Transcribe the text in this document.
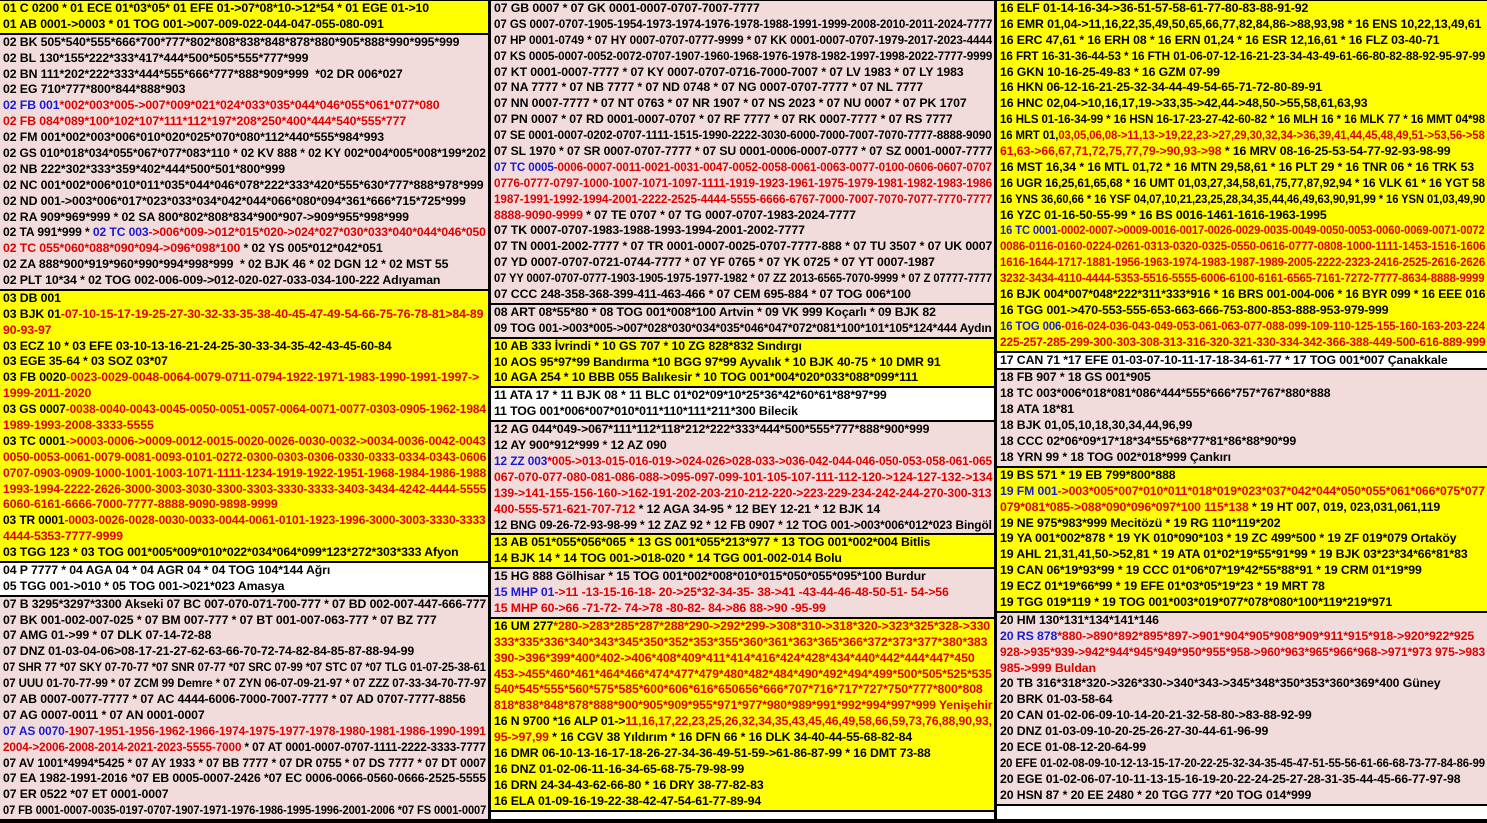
01 C 0200 * 01 ECE 01*03*05* 01 EFE 01->07*08*10->12*54 * 01 EGE 01->10
01 AB 0001->0003 * 01 TOG 001->007-009-022-044-047-055-080-091
02 BK 505*540*555*666*700*777*802*808*838*848*878*880*905*888*990*995*999
02 BL 130*155*222*333*417*444*500*505*555*777*999
02 BN 111*202*222*333*444*555*666*777*888*909*999  *02 DR 006*027
02 EG 710*777*800*844*888*903
02 FB 001*002*003*005->007*009*021*024*033*035*044*046*055*061*077*080
02 FB 084*089*100*102*107*111*112*197*208*250*400*444*540*555*777
02 FM 001*002*003*006*010*020*025*070*080*112*440*555*984*993
02 GS 010*018*034*055*067*077*083*110 * 02 KV 888 * 02 KY 002*004*005*008*199*202
02 NB 222*302*333*359*402*444*500*501*800*999
02 NC 001*002*006*010*011*035*044*046*078*222*333*420*555*630*777*888*978*999
02 ND 001->003*006*017*023*033*034*042*044*066*080*094*361*666*715*725*999
02 RA 909*969*999 * 02 SA 800*802*808*834*900*907->909*955*998*999
02 TA 991*999 * 02 TC 003->006*009->012*015*020->024*027*030*033*040*044*046*050
02 TC 055*060*088*090*094->096*098*100 * 02 YS 005*012*042*051
02 ZA 888*900*919*960*990*994*998*999  * 02 BJK 46 * 02 DGN 12 * 02 MST 55
02 PLT 10*34 * 02 TOG 002-006-009->012-020-027-033-034-100-222 Adıyaman
03 DB 001
03 BJK 01-07-10-15-17-19-25-27-30-32-33-35-38-40-45-47-49-54-66-75-76-78-81>84-89
90-93-97
03 ECZ 10 * 03 EFE 03-10-13-16-21-24-25-30-33-34-35-42-43-45-60-84
03 EGE 35-64 * 03 SOZ 03*07
03 FB 0020-0023-0029-0048-0064-0079-0711-0794-1922-1971-1983-1990-1991-1997->
1999-2011-2020
03 GS 0007-0038-0040-0043-0045-0050-0051-0057-0064-0071-0077-0303-0905-1962-1984
1989-1993-2008-3333-5555
03 TC 0001->0003-0006->0009-0012-0015-0020-0026-0030-0032->0034-0036-0042-0043
0050-0053-0061-0079-0081-0093-0101-0272-0300-0303-0306-0330-0333-0334-0343-0606
0707-0903-0909-1000-1001-1003-1071-1111-1234-1919-1922-1951-1968-1984-1986-1988
1993-1994-2222-2626-3000-3003-3030-3300-3303-3330-3333-3403-3434-4242-4444-5555
6060-6161-6666-7000-7777-8888-9090-9898-9999
03 TR 0001-0003-0026-0028-0030-0033-0044-0061-0101-1923-1996-3000-3003-3330-3333
4444-5353-7777-9999
03 TGG 123 * 03 TOG 001*005*009*010*022*034*064*099*123*272*303*333 Afyon
04 P 7777 * 04 AGA 04 * 04 AGR 04 * 04 TOG 104*144 Ağrı
05 TGG 001->010 * 05 TOG 001->021*023 Amasya
07 B 3295*3297*3300 Akseki 07 BC 007-070-071-700-777 * 07 BD 002-007-447-666-777
07 BK 001-002-007-025 * 07 BM 007-777 * 07 BT 001-007-063-777 * 07 BZ 777
07 AMG 01->99 * 07 DLK 07-14-72-88
07 DNZ 01-03-04-06>08-17-21-27-62-63-66-70-72-74-82-84-85-87-88-94-99
07 SHR 77 *07 SKY 07-70-77 *07 SNR 07-77 *07 SRC 07-99 *07 STC 07 *07 TLG 01-07-25-38-61
07 UUU 01-70-77-99 * 07 ZCM 99 Demre * 07 ZYN 06-07-09-21-97 * 07 ZZZ 07-33-34-70-77-97
07 AB 0007-0077-7777 * 07 AC 4444-6006-7000-7007-7777 * 07 AD 0707-7777-8856
07 AG 0007-0011 * 07 AN 0001-0007
07 AS 0070-1907-1951-1956-1962-1966-1974-1975-1977-1978-1980-1981-1986-1990-1991
2004->2006-2008-2014-2021-2023-5555-7000 * 07 AT 0001-0007-0707-1111-2222-3333-7777
07 AV 1001*4994*5425 * 07 AY 1933 * 07 BB 7777 * 07 DR 0755 * 07 DS 7777 * 07 DT 0007
07 EA 1982-1991-2016 *07 EB 0005-0007-2426 *07 EC 0006-0066-0560-0666-2525-5555
07 ER 0522 *07 ET 0001-0007
07 FB 0001-0007-0035-0197-0707-1907-1971-1976-1986-1995-1996-2001-2006 *07 FS 0001-0007
07 GB 0007 * 07 GK 0001-0007-0707-7007-7777
07 GS 0007-0707-1905-1954-1973-1974-1976-1978-1988-1991-1999-2008-2010-2011-2024-7777
07 HP 0001-0749 * 07 HY 0007-0707-0777-9999 * 07 KK 0001-0007-0707-1979-2017-2023-4444
07 KS 0005-0007-0052-0072-0707-1907-1960-1968-1976-1978-1982-1997-1998-2022-7777-9999
07 KT 0001-0007-7777 * 07 KY 0007-0707-0716-7000-7007 * 07 LV 1983 * 07 LY 1983
07 NA 7777 * 07 NB 7777 * 07 ND 0748 * 07 NG 0007-0707-7777 * 07 NL 7777
07 NN 0007-7777 * 07 NT 0763 * 07 NR 1907 * 07 NS 2023 * 07 NU 0007 * 07 PK 1707
07 PN 0007 * 07 RD 0001-0007-0707 * 07 RF 7777 * 07 RK 0007-7777 * 07 RS 7777
07 SE 0001-0007-0202-0707-1111-1515-1990-2222-3030-6000-7000-7007-7070-7777-8888-9090
07 SL 1970 * 07 SR 0007-0707-7777 * 07 SU 0001-0006-0007-0777 * 07 SZ 0001-0007-7777
07 TC 0005-0006-0007-0011-0021-0031-0047-0052-0058-0061-0063-0077-0100-0606-0607-0707
0776-0777-0797-1000-1007-1071-1097-1111-1919-1923-1961-1975-1979-1981-1982-1983-1986
1987-1991-1992-1994-2001-2222-2525-4444-5555-6666-6767-7000-7007-7070-7077-7770-7777
8888-9090-9999 * 07 TE 0707 * 07 TG 0007-0707-1983-2024-7777
07 TK 0007-0707-1983-1988-1993-1994-2001-2002-7777
07 TN 0001-2002-7777 * 07 TR 0001-0007-0025-0707-7777-888 * 07 TU 3507 * 07 UK 0007
07 YD 0007-0707-0721-0744-7777 * 07 YF 0765 * 07 YK 0725 * 07 YT 0007-1987
07 YY 0007-0707-0777-1903-1905-1975-1977-1982 * 07 ZZ 2013-6565-7070-9999 * 07 Z 07777-7777
07 CCC 248-358-368-399-411-463-466 * 07 CEM 695-884 * 07 TOG 006*100
08 ART 08*55*80 * 08 TOG 001*008*100 Artvin * 09 VK 999 Koçarlı * 09 BJK 82
09 TOG 001->003*005->007*028*030*034*035*046*047*072*081*100*101*105*124*444 Aydın
10 AB 333 İvrindi * 10 GS 707 * 10 ZG 828*832 Sındırgı
10 AOS 95*97*99 Bandırma *10 BGG 97*99 Ayvalık * 10 BJK 40-75 * 10 DMR 91
10 AGA 254 * 10 BBB 055 Balıkesir * 10 TOG 001*004*020*033*088*099*111
11 ATA 17 * 11 BJK 08 * 11 BLC 01*02*09*10*25*36*42*60*61*88*97*99
11 TOG 001*006*007*010*011*110*111*211*300 Bilecik
12 AG 044*049->067*111*112*118*212*222*333*444*500*555*777*888*900*999
12 AY 900*912*999 * 12 AZ 090
12 ZZ 003*005->013-015-016-019->024-026>028-033->036-042-044-046-050-053-058-061-065
067-070-077-080-081-086-088->095-097-099-101-105-107-111-112-120->124-127-132->134
139->141-155-156-160->162-191-202-203-210-212-220->223-229-234-242-244-270-300-313
400-555-571-621-707-712 * 12 AGA 34-95 * 12 BEY 12-21 * 12 BJK 14
12 BNG 09-26-72-93-98-99 * 12 ZAZ 92 * 12 FB 0907 * 12 TOG 001->003*006*012*023 Bingöl
13 AB 051*055*056*065 * 13 GS 001*055*213*977 * 13 TOG 001*002*004 Bitlis
14 BJK 14 * 14 TOG 001->018-020 * 14 TGG 001-002-014 Bolu
15 HG 888 Gölhisar * 15 TOG 001*002*008*010*015*050*055*095*100 Burdur
15 MHP 01->11 -13-15-16-18- 20->25*32-34-35- 38->41 -43-44-46-48-50-51- 54->56
15 MHP 60->66 -71-72- 74->78 -80-82- 84->86 88->90 -95-99
16 UM 277*280->283*285*287*288*290->292*299->308*310->318*320->323*325*328->330
333*335*336*340*343*345*350*352*353*355*360*361*363*365*366*372*373*377*380*383
390->396*399*400*402->406*408*409*411*414*416*424*428*434*440*442*444*447*450
453->455*460*461*464*466*474*477*479*480*482*484*490*492*494*499*500*505*525*535
540*545*555*560*575*585*600*606*616*650656*666*707*716*717*727*750*777*800*808
818*838*848*878*888*900*905*909*955*971*977*980*989*991*992*994*997*999 Yenişehir
16 N 9700 *16 ALP 01->11,16,17,22,23,25,26,32,34,35,43,45,46,49,58,66,59,73,76,88,90,93,
95->97,99 * 16 CGV 38 Yıldırım * 16 DFN 66 * 16 DLK 34-40-44-55-68-82-84
16 DMR 06-10-13-16-17-18-26-27-34-36-49-51-59->61-86-87-99 * 16 DMT 73-88
16 DNZ 01-02-06-11-16-34-65-68-75-79-98-99
16 DRN 24-34-43-62-66-80 * 16 DRY 38-77-82-83
16 ELA 01-09-16-19-22-38-42-47-54-61-77-89-94
16 ELF 01-14-16-34->36-51-57-58-61-77-80-83-88-91-92
16 EMR 01,04->11,16,22,35,49,50,65,66,77,82,84,86->88,93,98 * 16 ENS 10,22,13,49,61
16 ERC 47,61 * 16 ERH 08 * 16 ERN 01,24 * 16 ESR 12,16,61 * 16 FLZ 03-40-71
16 FRT 16-31-36-44-53 * 16 FTH 01-06-07-12-16-21-23-34-43-49-61-66-80-82-88-92-95-97-99
16 GKN 10-16-25-49-83 * 16 GZM 07-99
16 HKN 06-12-16-21-25-32-34-44-49-54-65-71-72-80-89-91
16 HNC 02,04->10,16,17,19->33,35->42,44->48,50->55,58,61,63,93
16 HLS 01-16-34-99 * 16 HSN 16-17-23-27-42-60-82 * 16 MLH 16 * 16 MLK 77 * 16 MMT 04*98
16 MRT 01,03,05,06,08->11,13->19,22,23->27,29,30,32,34->36,39,41,44,45,48,49,51->53,56->58
61,63->66,67,71,72,75,77,79->90,93->98 * 16 MRV 08-16-25-53-54-77-92-93-98-99
16 MST 16,34 * 16 MTL 01,72 * 16 MTN 29,58,61 * 16 PLT 29 * 16 TNR 06 * 16 TRK 53
16 UGR 16,25,61,65,68 * 16 UMT 01,03,27,34,58,61,75,77,87,92,94 * 16 VLK 61 * 16 YGT 58
16 YNS 36,60,66 * 16 YSF 04,07,10,21,23,25,28,34,35,44,46,49,63,90,91,99 * 16 YSN 01,03,49,90
16 YZC 01-16-50-55-99 * 16 BS 0016-1461-1616-1963-1995
16 TC 0001-0002-0007->0009-0016-0017-0026-0029-0035-0049-0050-0053-0060-0069-0071-0072
0086-0116-0160-0224-0261-0313-0320-0325-0550-0616-0777-0808-1000-1111-1453-1516-1606
1616-1644-1717-1881-1956-1963-1974-1983-1987-1989-2005-2222-2323-2416-2525-2616-2626
3232-3434-4110-4444-5353-5516-5555-6006-6100-6161-6565-7161-7272-7777-8634-8888-9999
16 BJK 004*007*048*222*311*333*916 * 16 BRS 001-004-006 * 16 BYR 099 * 16 EEE 016
16 TGG 001->470-553-555-653-663-666-753-800-853-888-953-979-999
16 TOG 006-016-024-036-043-049-053-061-063-077-088-099-109-110-125-155-160-163-203-224
225-257-285-299-300-303-308-313-316-320-321-330-334-342-366-388-449-500-616-889-999
17 CAN 71 *17 EFE 01-03-07-10-11-17-18-34-61-77 * 17 TOG 001*007 Çanakkale
18 FB 907 * 18 GS 001*905
18 TC 003*006*018*081*086*444*555*666*757*767*880*888
18 ATA 18*81
18 BJK 01,05,10,18,30,34,44,96,99
18 CCC 02*06*09*17*18*34*55*68*77*81*86*88*90*99
18 YRN 99 * 18 TOG 002*018*999 Çankırı
19 BS 571 * 19 EB 799*800*888
19 FM 001->003*005*007*010*011*018*019*023*037*042*044*050*055*061*066*075*077
079*081*085->088*090*096*097*100 115*138 * 19 HT 007, 019, 023,031,061,119
19 NE 975*983*999 Mecitözü * 19 RG 110*119*202
19 YA 001*002*878 * 19 YK 010*090*103 * 19 ZC 499*500 * 19 ZF 019*079 Ortaköy
19 AHL 21,31,41,50->52,81 * 19 ATA 01*02*19*55*91*99 * 19 BJK 03*23*34*66*81*83
19 CAN 06*19*93*99 * 19 CCC 01*06*07*19*42*55*88*91 * 19 CRM 01*19*99
19 ECZ 01*19*66*99 * 19 EFE 01*03*05*19*23 * 19 MRT 78
19 TGG 019*119 * 19 TOG 001*003*019*077*078*080*100*119*219*971
20 HM 130*131*134*141*146
20 RS 878*880->890*892*895*897->901*904*905*908*909*911*915*918->920*922*925
928->935*939->942*944*945*949*950*955*958->960*963*965*966*968->971*973 975->983
985->999 Buldan
20 TB 316*318*320->326*330->340*343->345*348*350*353*360*369*400 Güney
20 BRK 01-03-58-64
20 CAN 01-02-06-09-10-14-20-21-32-58-80->83-88-92-99
20 DNZ 01-03-09-10-20-25-26-27-30-44-61-96-99
20 ECE 01-08-12-20-64-99
20 EFE 01-02-08-09-10-12-13-15-17-20-22-25-32-34-35-45-47-51-55-56-61-66-68-73-77-84-86-99
20 EGE 01-02-06-07-10-11-13-15-16-19-20-22-24-25-27-28-31-35-44-45-66-77-97-98
20 HSN 87 * 20 EE 2480 * 20 TGG 777 *20 TOG 014*999
